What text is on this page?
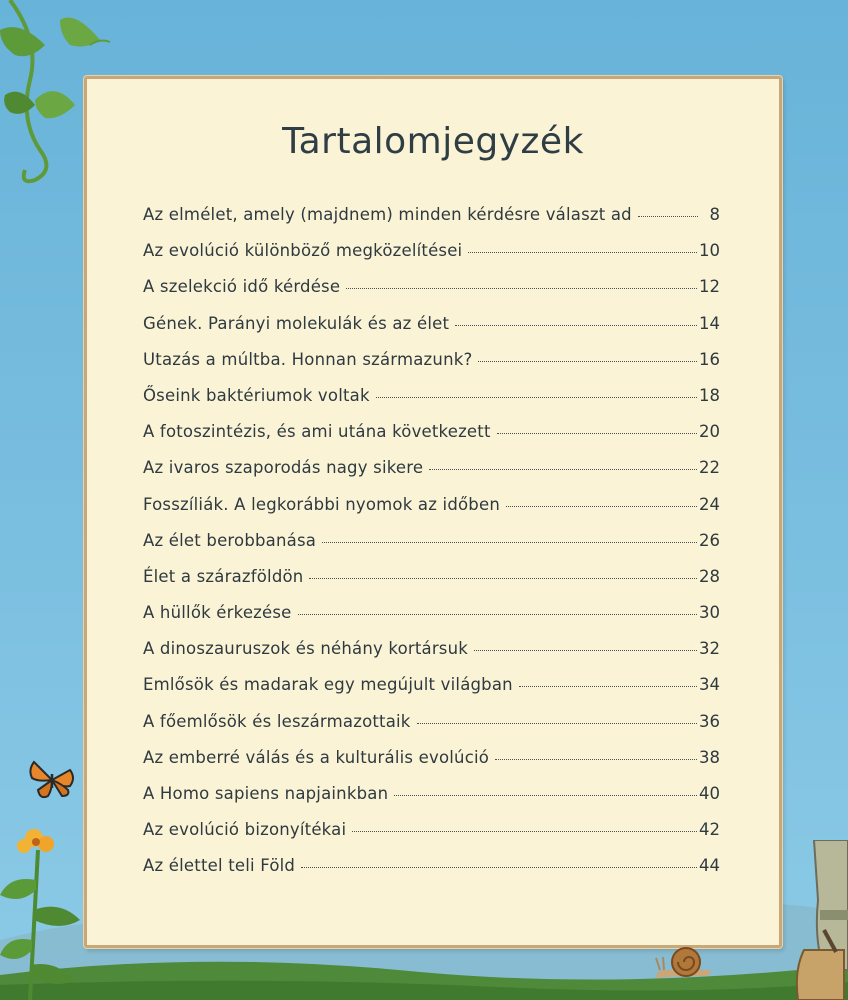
Tartalomjegyzék
Az elmélet, amely (majdnem) minden kérdésre választ ad	8
Az evolúció különböző megközelítései	10
A szelekció idő kérdése	12
Gének. Parányi molekulák és az élet	14
Utazás a múltba. Honnan származunk?	16
Őseink baktériumok voltak	18
A fotoszintézis, és ami utána következett	20
Az ivaros szaporodás nagy sikere	22
Fosszíliák. A legkorábbi nyomok az időben	24
Az élet berobbanása	26
Élet a szárazföldön	28
A hüllők érkezése	30
A dinoszauruszok és néhány kortársuk	32
Emlősök és madarak egy megújult világban	34
A főemlősök és leszármazottaik	36
Az emberré válás és a kulturális evolúció	38
A Homo sapiens napjainkban	40
Az evolúció bizonyítékai	42
Az élettel teli Föld	44
